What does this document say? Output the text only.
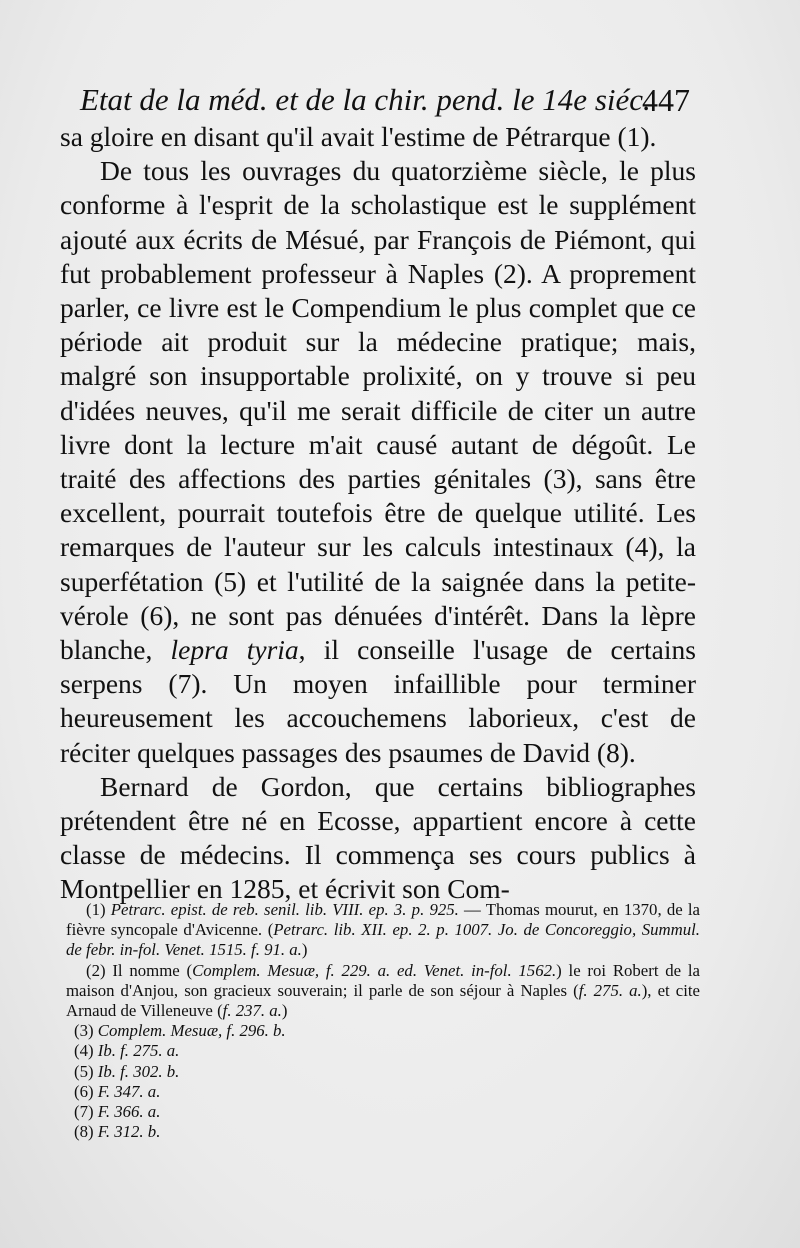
Etat de la méd. et de la chir. pend. le 14e siéc.
447

sa gloire en disant qu'il avait l'estime de Pétrarque (1).

De tous les ouvrages du quatorzième siècle, le plus conforme à l'esprit de la scholastique est le supplément ajouté aux écrits de Mésué, par François de Piémont, qui fut probablement professeur à Naples (2). A proprement parler, ce livre est le Compendium le plus complet que ce période ait produit sur la médecine pratique; mais, malgré son insupportable prolixité, on y trouve si peu d'idées neuves, qu'il me serait difficile de citer un autre livre dont la lecture m'ait causé autant de dégoût. Le traité des affections des parties génitales (3), sans être excellent, pourrait toutefois être de quelque utilité. Les remarques de l'auteur sur les calculs intestinaux (4), la superfétation (5) et l'utilité de la saignée dans la petite-vérole (6), ne sont pas dénuées d'intérêt. Dans la lèpre blanche, lepra tyria, il conseille l'usage de certains serpens (7). Un moyen infaillible pour terminer heureusement les accouchemens laborieux, c'est de réciter quelques passages des psaumes de David (8).

Bernard de Gordon, que certains bibliographes prétendent être né en Ecosse, appartient encore à cette classe de médecins. Il commença ses cours publics à Montpellier en 1285, et écrivit son Com-

(1) Petrarc. epist. de reb. senil. lib. VIII. ep. 3. p. 925. — Thomas mourut, en 1370, de la fièvre syncopale d'Avicenne. (Petrarc. lib. XII. ep. 2. p. 1007. Jo. de Concoreggio, Summul. de febr. in-fol. Venet. 1515. f. 91. a.)

(2) Il nomme (Complem. Mesuæ, f. 229. a. ed. Venet. in-fol. 1562.) le roi Robert de la maison d'Anjou, son gracieux souverain; il parle de son séjour à Naples (f. 275. a.), et cite Arnaud de Villeneuve (f. 237. a.)

(3) Complem. Mesuæ, f. 296. b.

(4) Ib. f. 275. a.

(5) Ib. f. 302. b.

(6) F. 347. a.

(7) F. 366. a.

(8) F. 312. b.
